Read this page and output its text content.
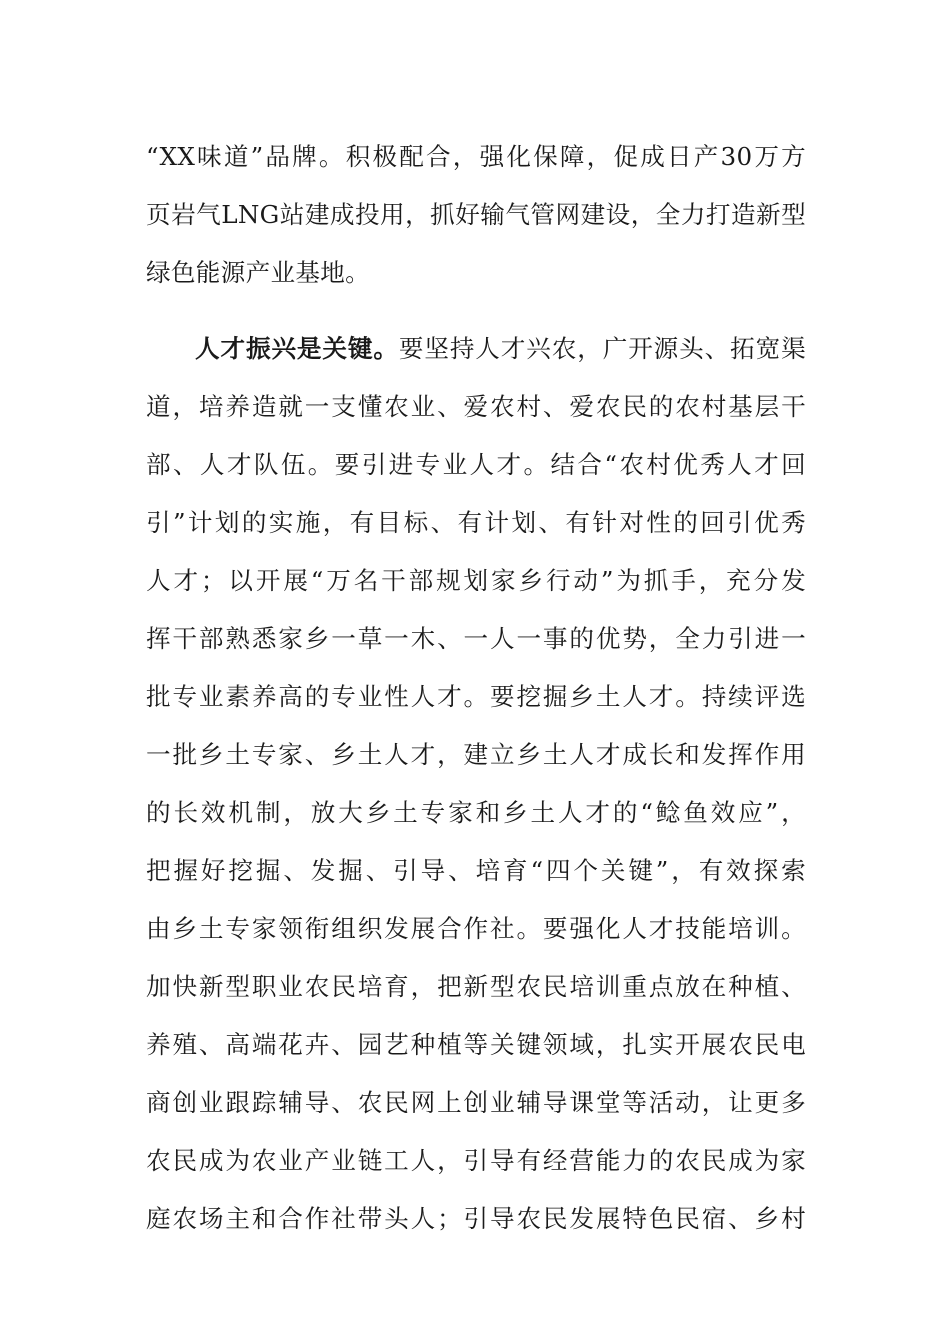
“XX味道”品牌。积极配合，强化保障，促成日产30万方
页岩气LNG站建成投用，抓好输气管网建设，全力打造新型
绿色能源产业基地。
人才振兴是关键。要坚持人才兴农，广开源头、拓宽渠
道，培养造就一支懂农业、爱农村、爱农民的农村基层干
部、人才队伍。要引进专业人才。结合“农村优秀人才回
引”计划的实施，有目标、有计划、有针对性的回引优秀
人才；以开展“万名干部规划家乡行动”为抓手，充分发
挥干部熟悉家乡一草一木、一人一事的优势，全力引进一
批专业素养高的专业性人才。要挖掘乡土人才。持续评选
一批乡土专家、乡土人才，建立乡土人才成长和发挥作用
的长效机制，放大乡土专家和乡土人才的“鲶鱼效应”，
把握好挖掘、发掘、引导、培育“四个关键”，有效探索
由乡土专家领衔组织发展合作社。要强化人才技能培训。
加快新型职业农民培育，把新型农民培训重点放在种植、
养殖、高端花卉、园艺种植等关键领域，扎实开展农民电
商创业跟踪辅导、农民网上创业辅导课堂等活动，让更多
农民成为农业产业链工人，引导有经营能力的农民成为家
庭农场主和合作社带头人；引导农民发展特色民宿、乡村
